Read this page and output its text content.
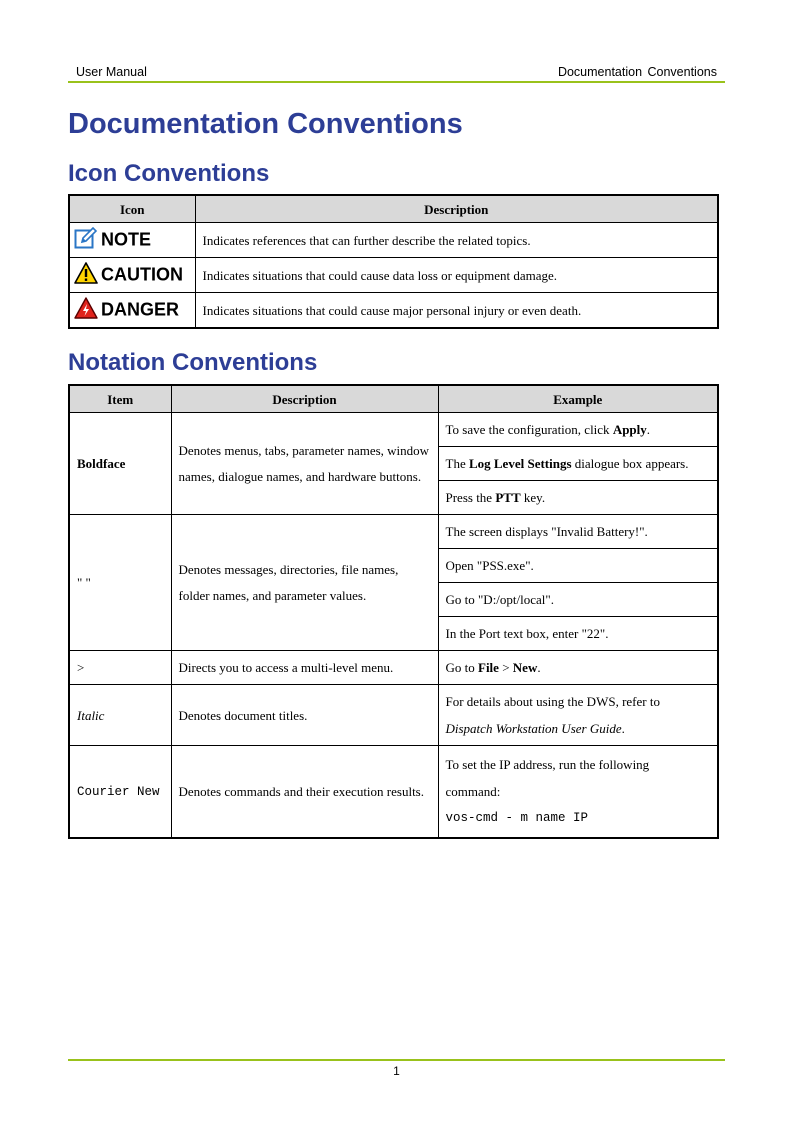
User Manual	Documentation Conventions
Documentation Conventions
Icon Conventions
Icon	Description
NOTE	Indicates references that can further describe the related topics.
CAUTION	Indicates situations that could cause data loss or equipment damage.
DANGER	Indicates situations that could cause major personal injury or even death.
Notation Conventions
Item	Description	Example
Boldface	Denotes menus, tabs, parameter names, window names, dialogue names, and hardware buttons.	To save the configuration, click Apply.
		The Log Level Settings dialogue box appears.
		Press the PTT key.
" "	Denotes messages, directories, file names, folder names, and parameter values.	The screen displays "Invalid Battery!".
		Open "PSS.exe".
		Go to "D:/opt/local".
		In the Port text box, enter "22".
>	Directs you to access a multi-level menu.	Go to File > New.
Italic	Denotes document titles.	For details about using the DWS, refer to
Dispatch Workstation User Guide.

Courier New	Denotes commands and their execution results.	To set the IP address, run the following
command:
vos-cmd - m name IP
1
